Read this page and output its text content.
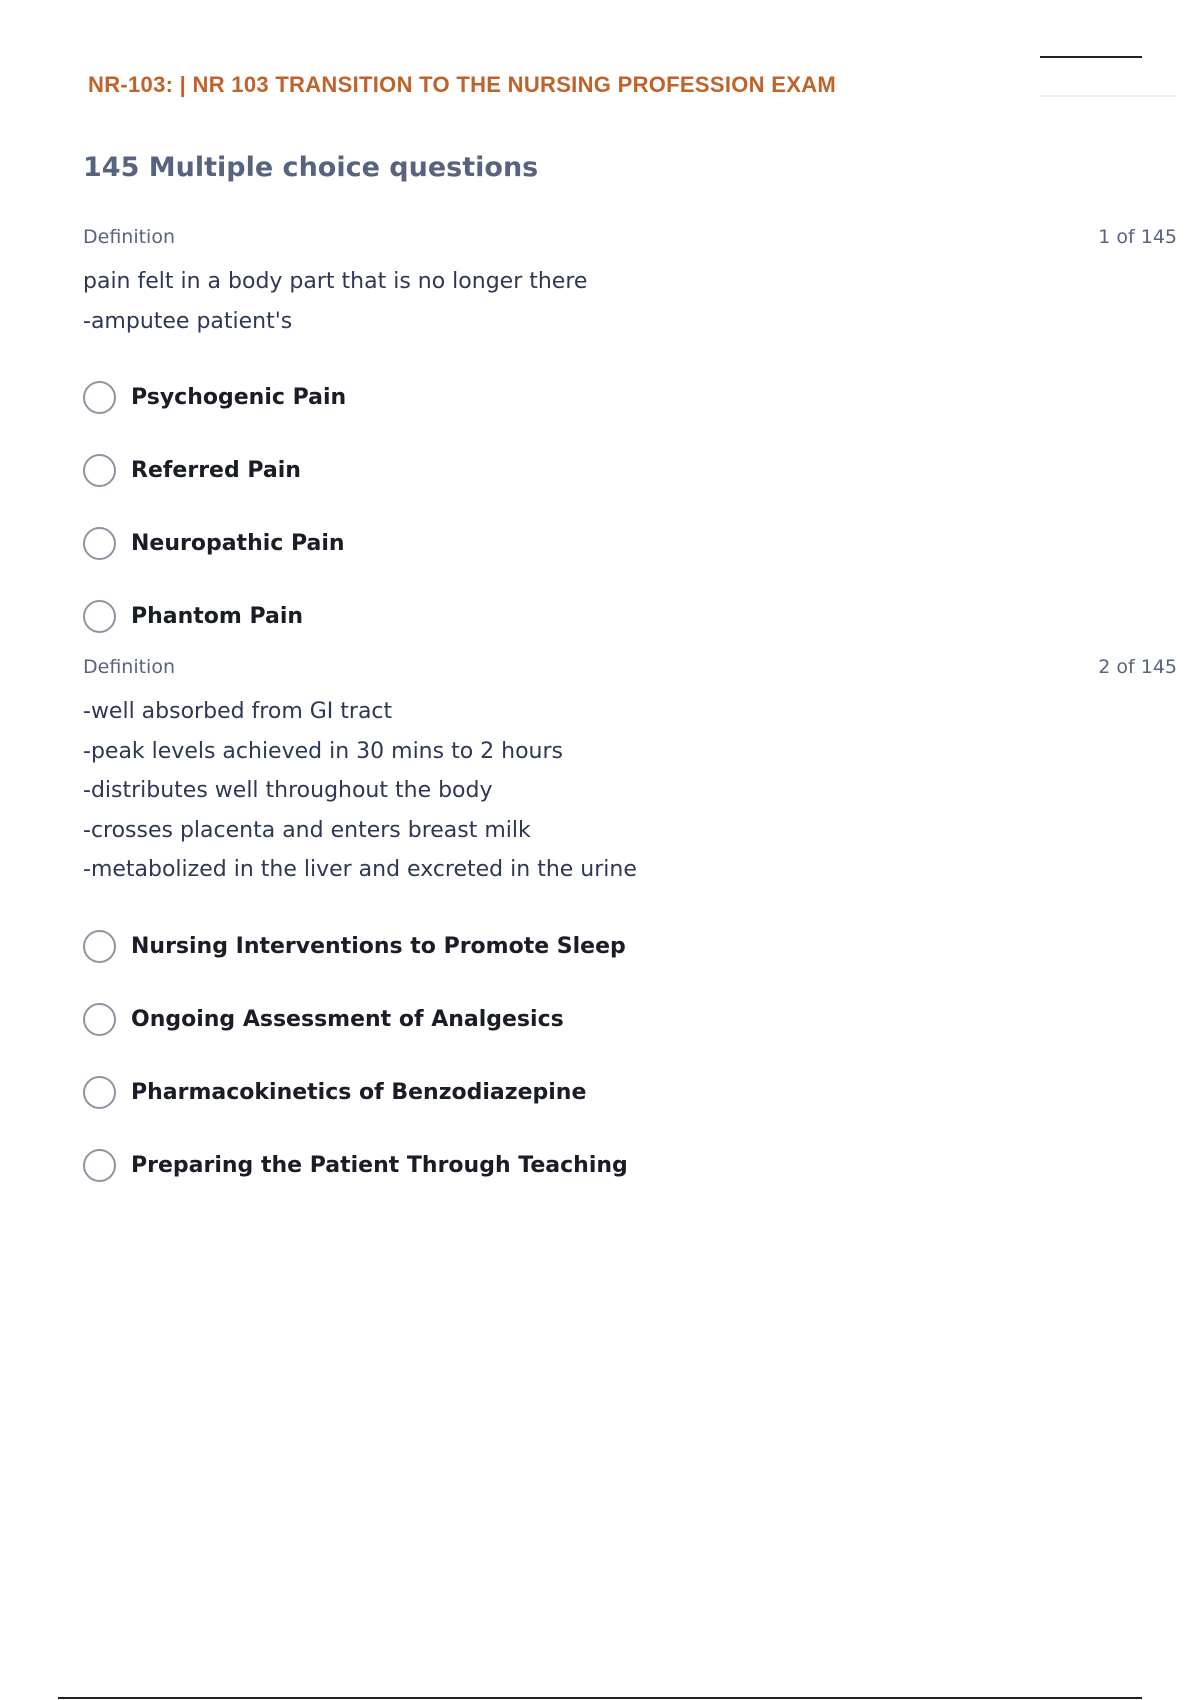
NR-103: | NR 103 TRANSITION TO THE NURSING PROFESSION EXAM
145 Multiple choice questions
Definition	1 of 145
pain felt in a body part that is no longer there
-amputee patient's
Psychogenic Pain
Referred Pain
Neuropathic Pain
Phantom Pain
Definition	2 of 145
-well absorbed from GI tract
-peak levels achieved in 30 mins to 2 hours
-distributes well throughout the body
-crosses placenta and enters breast milk
-metabolized in the liver and excreted in the urine
Nursing Interventions to Promote Sleep
Ongoing Assessment of Analgesics
Pharmacokinetics of Benzodiazepine
Preparing the Patient Through Teaching
